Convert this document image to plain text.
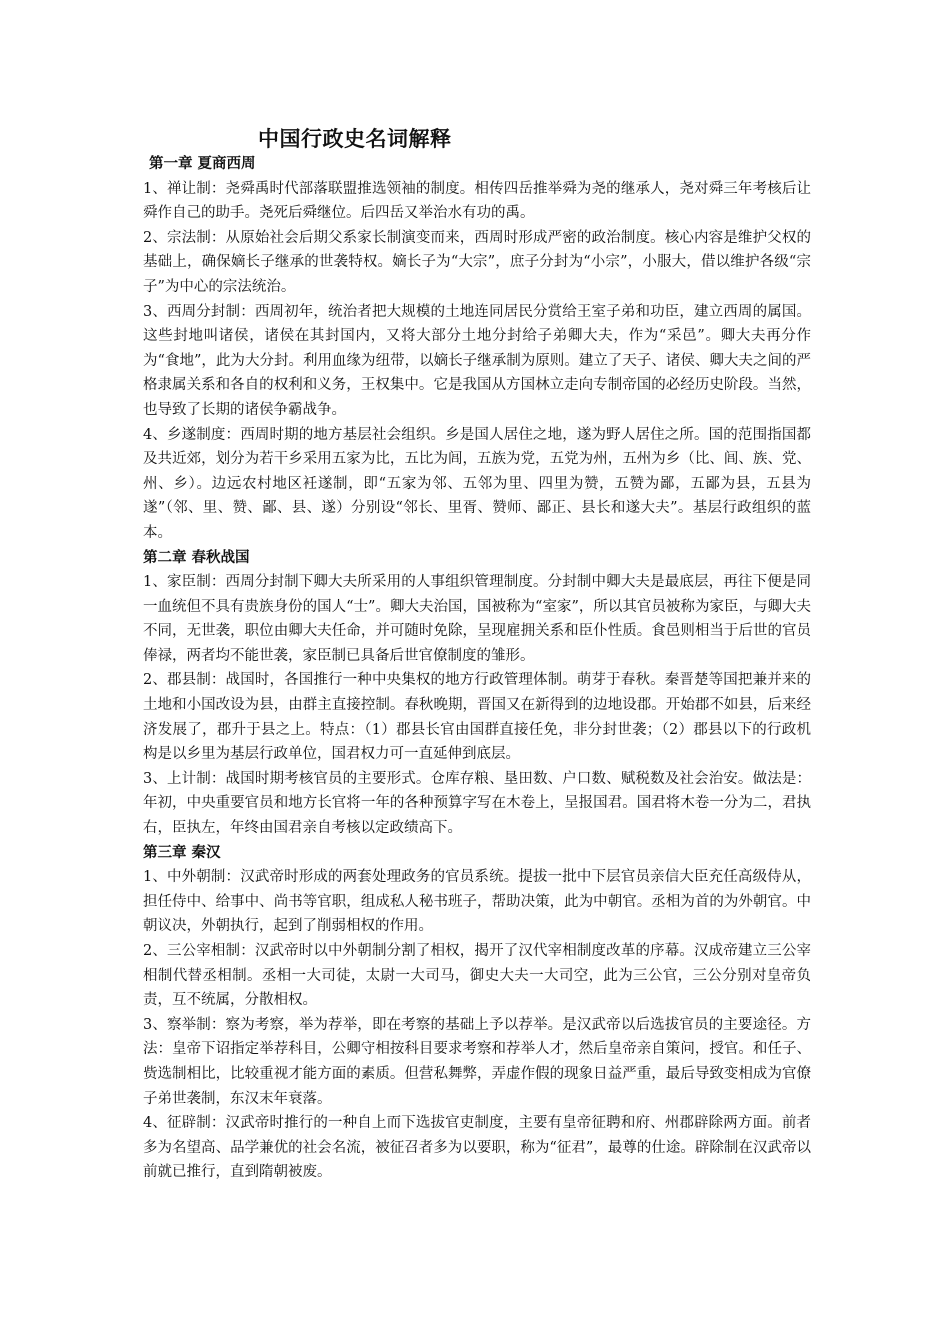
中国行政史名词解释
第一章 夏商西周

1、禅让制：尧舜禹时代部落联盟推选领袖的制度。相传四岳推举舜为尧的继承人，尧对舜三年考核后让舜作自己的助手。尧死后舜继位。后四岳又举治水有功的禹。

2、宗法制：从原始社会后期父系家长制演变而来，西周时形成严密的政治制度。核心内容是维护父权的基础上，确保嫡长子继承的世袭特权。嫡长子为“大宗”，庶子分封为“小宗”，小服大，借以维护各级“宗子”为中心的宗法统治。

3、西周分封制：西周初年，统治者把大规模的土地连同居民分赏给王室子弟和功臣，建立西周的属国。这些封地叫诸侯，诸侯在其封国内，又将大部分土地分封给子弟卿大夫，作为“采邑”。卿大夫再分作为“食地”，此为大分封。利用血缘为纽带，以嫡长子继承制为原则。建立了天子、诸侯、卿大夫之间的严格隶属关系和各自的权利和义务，王权集中。它是我国从方国林立走向专制帝国的必经历史阶段。当然，也导致了长期的诸侯争霸战争。

4、乡遂制度：西周时期的地方基层社会组织。乡是国人居住之地，遂为野人居住之所。国的范围指国都及共近郊，划分为若干乡采用五家为比，五比为闾，五族为党，五党为州，五州为乡（比、闾、族、党、州、乡）。边远农村地区衽遂制，即“五家为邻、五邻为里、四里为赞，五赞为鄙，五鄙为县，五县为遂”（邻、里、赞、鄙、县、遂）分别设“邻长、里胥、赞师、鄙正、县长和遂大夫”。基层行政组织的蓝本。

第二章 春秋战国

1、家臣制：西周分封制下卿大夫所采用的人事组织管理制度。分封制中卿大夫是最底层，再往下便是同一血统但不具有贵族身份的国人“士”。卿大夫治国，国被称为“室家”，所以其官员被称为家臣，与卿大夫不同，无世袭，职位由卿大夫任命，并可随时免除，呈现雇拥关系和臣仆性质。食邑则相当于后世的官员俸禄，两者均不能世袭，家臣制已具备后世官僚制度的雏形。

2、郡县制：战国时，各国推行一种中央集权的地方行政管理体制。萌芽于春秋。秦晋楚等国把兼并来的土地和小国改设为县，由群主直接控制。春秋晚期，晋国又在新得到的边地设郡。开始郡不如县，后来经济发展了，郡升于县之上。特点：（1）郡县长官由国群直接任免，非分封世袭；（2）郡县以下的行政机构是以乡里为基层行政单位，国君权力可一直延伸到底层。

3、上计制：战国时期考核官员的主要形式。仓库存粮、垦田数、户口数、赋税数及社会治安。做法是：年初，中央重要官员和地方长官将一年的各种预算字写在木卷上，呈报国君。国君将木卷一分为二，君执右，臣执左，年终由国君亲自考核以定政绩高下。

第三章 秦汉

1、中外朝制：汉武帝时形成的两套处理政务的官员系统。提拔一批中下层官员亲信大臣充任高级侍从，担任侍中、给事中、尚书等官职，组成私人秘书班子，帮助决策，此为中朝官。丞相为首的为外朝官。中朝议决，外朝执行，起到了削弱相权的作用。

2、三公宰相制：汉武帝时以中外朝制分割了相权，揭开了汉代宰相制度改革的序幕。汉成帝建立三公宰相制代替丞相制。丞相一大司徒，太尉一大司马，御史大夫一大司空，此为三公官，三公分别对皇帝负责，互不统属，分散相权。

3、察举制：察为考察，举为荐举，即在考察的基础上予以荐举。是汉武帝以后选拔官员的主要途径。方法：皇帝下诏指定举荐科目，公卿守相按科目要求考察和荐举人才，然后皇帝亲自策问，授官。和任子、赀选制相比，比较重视才能方面的素质。但营私舞弊，弄虚作假的现象日益严重，最后导致变相成为官僚子弟世袭制，东汉末年衰落。

4、征辟制：汉武帝时推行的一种自上而下选拔官吏制度，主要有皇帝征聘和府、州郡辟除两方面。前者多为名望高、品学兼优的社会名流，被征召者多为以要职，称为“征君”，最尊的仕途。辟除制在汉武帝以前就已推行，直到隋朝被废。
